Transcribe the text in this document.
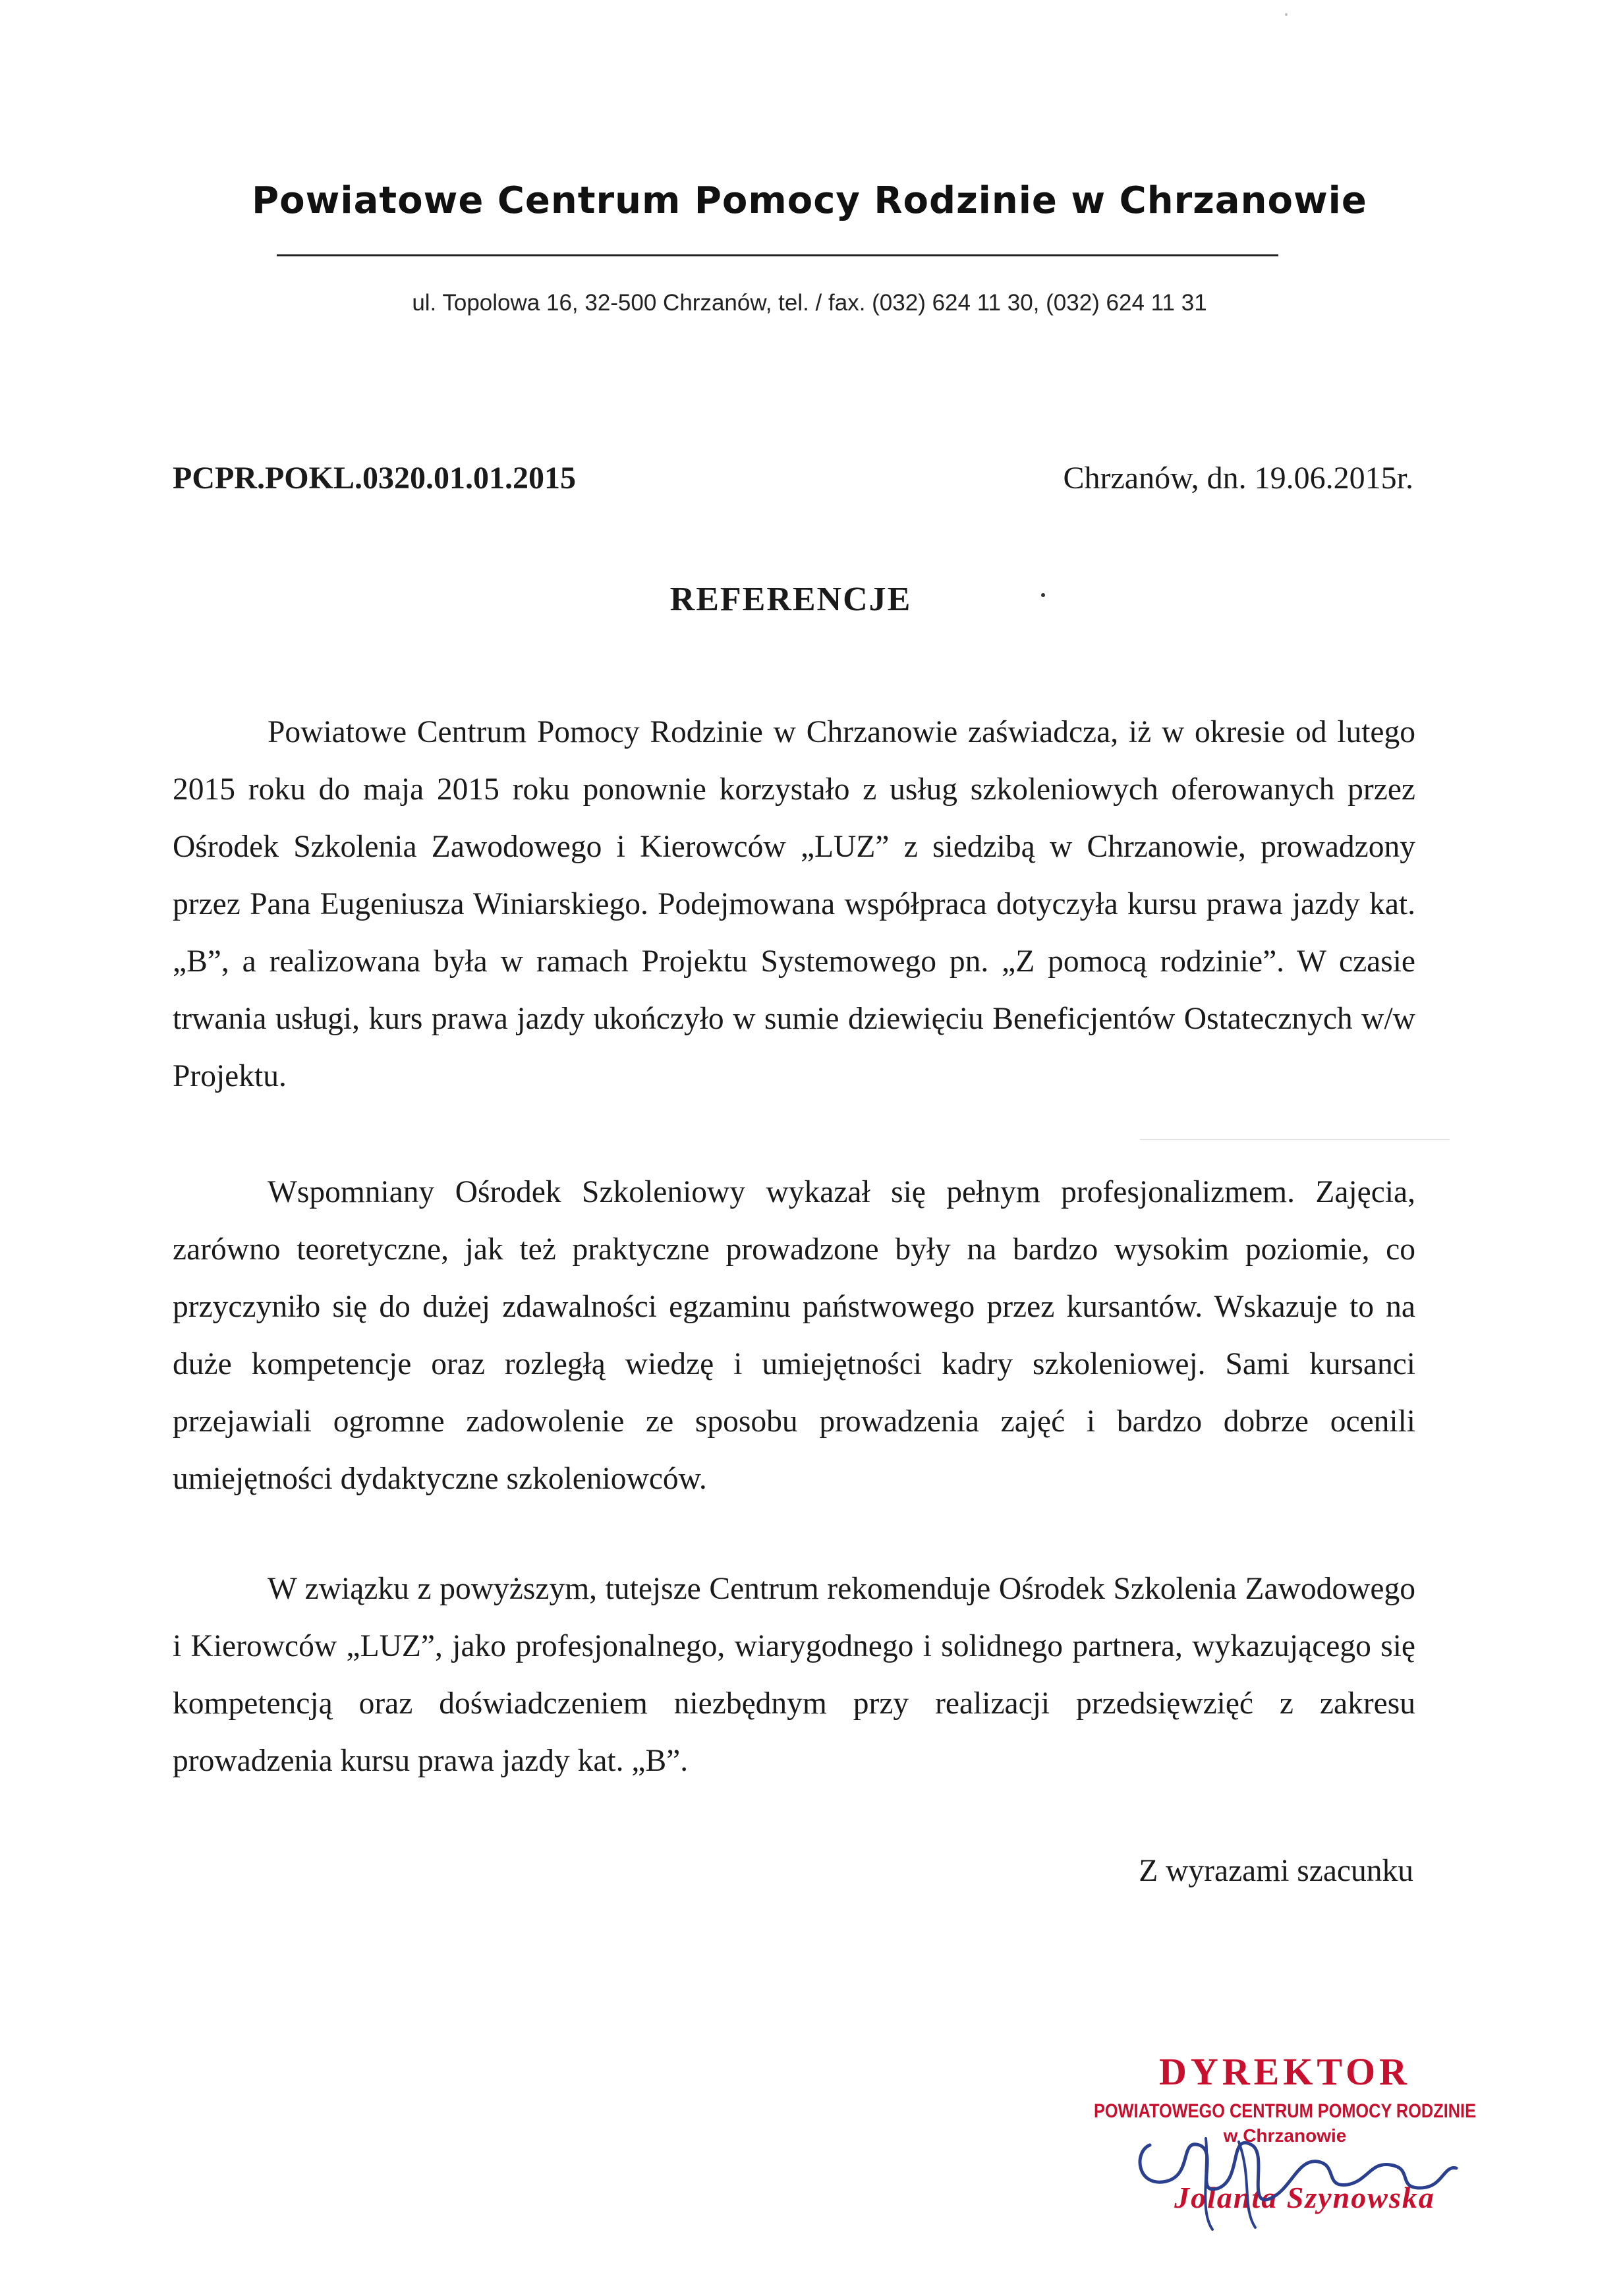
Powiatowe Centrum Pomocy Rodzinie w Chrzanowie
ul. Topolowa 16, 32-500 Chrzanów, tel. / fax. (032) 624 11 30, (032) 624 11 31
PCPR.POKL.0320.01.01.2015	Chrzanów, dn. 19.06.2015r.
REFERENCJE

Powiatowe Centrum Pomocy Rodzinie w Chrzanowie zaświadcza, iż w okresie od lutego 2015 roku do maja 2015 roku ponownie korzystało z usług szkoleniowych oferowanych przez Ośrodek Szkolenia Zawodowego i Kierowców „LUZ” z siedzibą w Chrzanowie, prowadzony przez Pana Eugeniusza Winiarskiego. Podejmowana współpraca dotyczyła kursu prawa jazdy kat. „B”, a realizowana była w ramach Projektu Systemowego pn. „Z pomocą rodzinie”. W czasie trwania usługi, kurs prawa jazdy ukończyło w sumie dziewięciu Beneficjentów Ostatecznych w/w Projektu.

Wspomniany Ośrodek Szkoleniowy wykazał się pełnym profesjonalizmem. Zajęcia, zarówno teoretyczne, jak też praktyczne prowadzone były na bardzo wysokim poziomie, co przyczyniło się do dużej zdawalności egzaminu państwowego przez kursantów. Wskazuje to na duże kompetencje oraz rozległą wiedzę i umiejętności kadry szkoleniowej. Sami kursanci przejawiali ogromne zadowolenie ze sposobu prowadzenia zajęć i bardzo dobrze ocenili umiejętności dydaktyczne szkoleniowców.

W związku z powyższym, tutejsze Centrum rekomenduje Ośrodek Szkolenia Zawodowego i Kierowców „LUZ”, jako profesjonalnego, wiarygodnego i solidnego partnera, wykazującego się kompetencją oraz doświadczeniem niezbędnym przy realizacji przedsięwzięć z zakresu prowadzenia kursu prawa jazdy kat. „B”.

Z wyrazami szacunku
DYREKTOR
POWIATOWEGO CENTRUM POMOCY RODZINIE
w Chrzanowie
Jolanta Szynowska
